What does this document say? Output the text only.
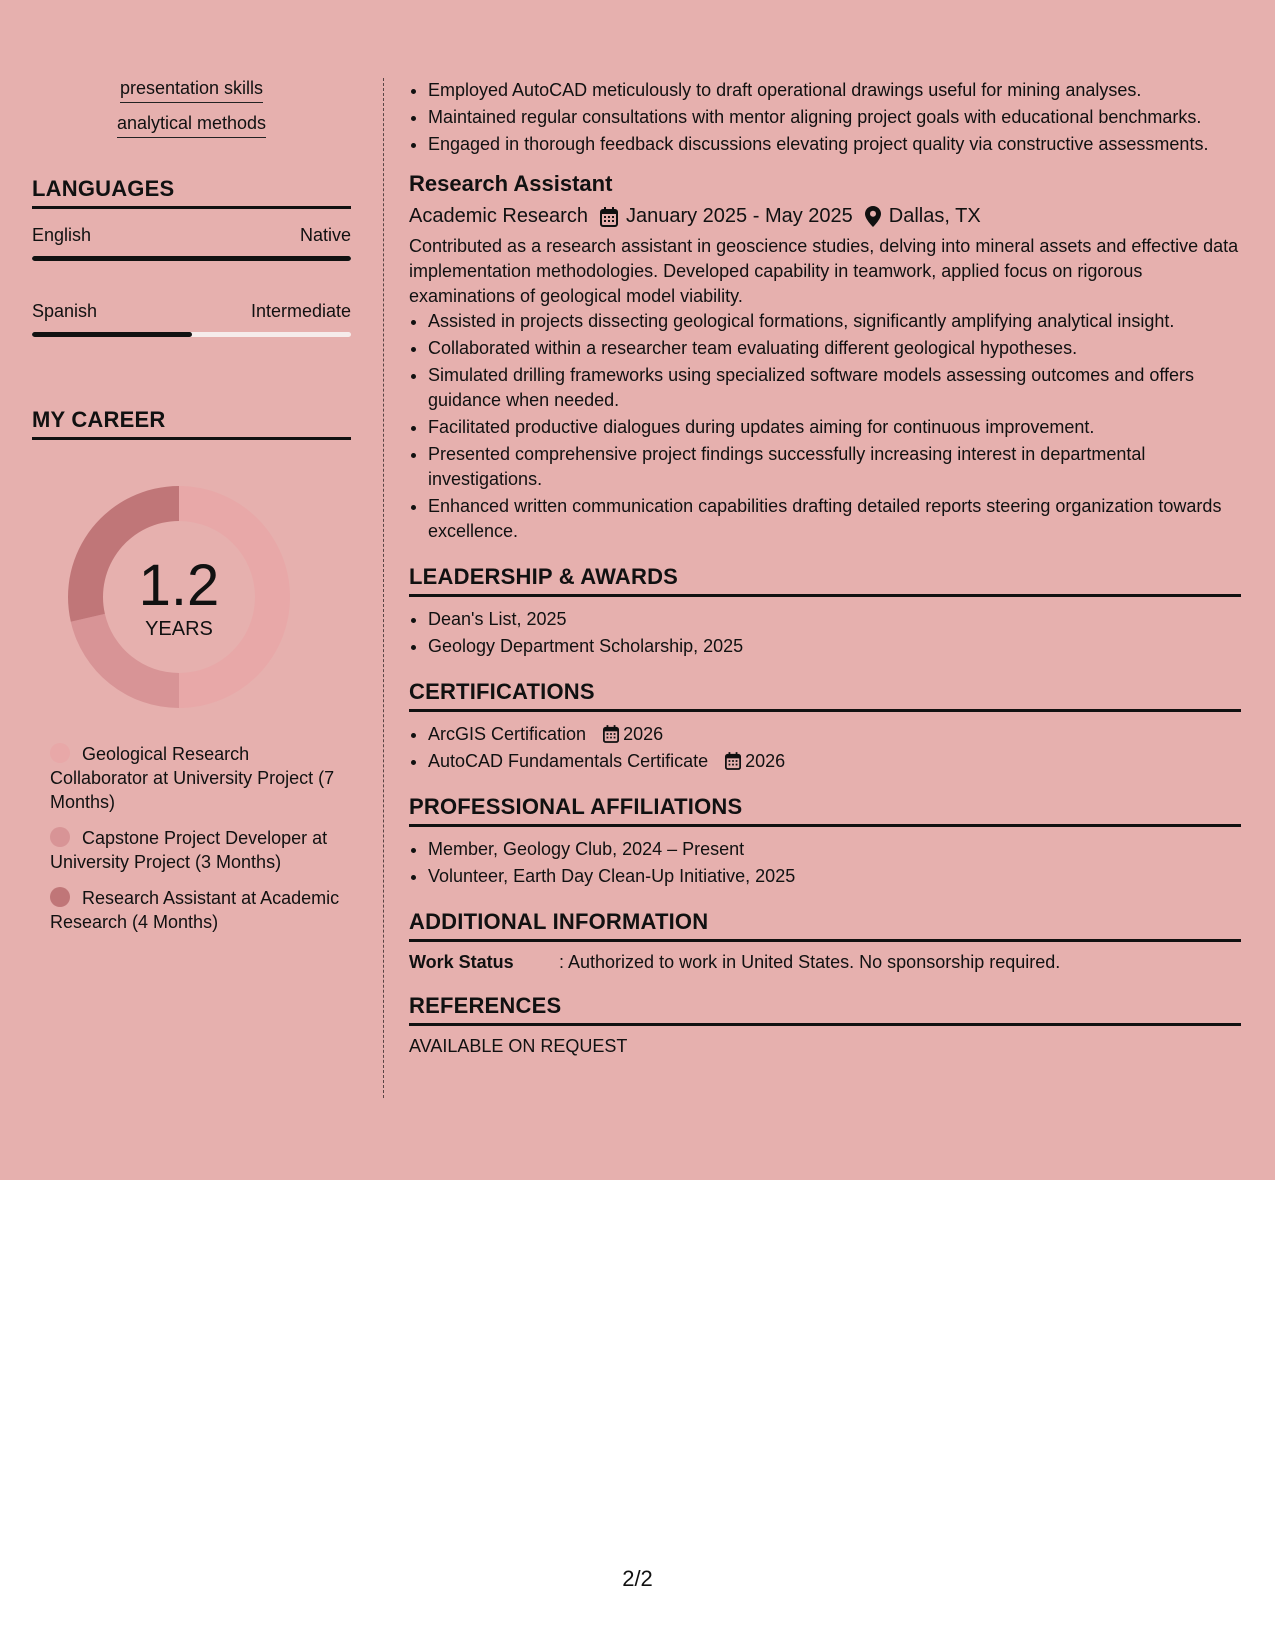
presentation skills
analytical methods
LANGUAGES
English	Native
Spanish	Intermediate
MY CAREER
1.2
YEARS
Geological Research Collaborator at University Project (7 Months)
Capstone Project Developer at University Project (3 Months)
Research Assistant at Academic Research (4 Months)
• Employed AutoCAD meticulously to draft operational drawings useful for mining analyses.
• Maintained regular consultations with mentor aligning project goals with educational benchmarks.
• Engaged in thorough feedback discussions elevating project quality via constructive assessments.
Research Assistant
Academic Research January 2025 - May 2025 Dallas, TX
Contributed as a research assistant in geoscience studies, delving into mineral assets and effective data implementation methodologies. Developed capability in teamwork, applied focus on rigorous examinations of geological model viability.
• Assisted in projects dissecting geological formations, significantly amplifying analytical insight.
• Collaborated within a researcher team evaluating different geological hypotheses.
• Simulated drilling frameworks using specialized software models assessing outcomes and offers guidance when needed.
• Facilitated productive dialogues during updates aiming for continuous improvement.
• Presented comprehensive project findings successfully increasing interest in departmental investigations.
• Enhanced written communication capabilities drafting detailed reports steering organization towards excellence.
LEADERSHIP & AWARDS
• Dean's List, 2025
• Geology Department Scholarship, 2025
CERTIFICATIONS
• ArcGIS Certification 2026
• AutoCAD Fundamentals Certificate 2026
PROFESSIONAL AFFILIATIONS
• Member, Geology Club, 2024 – Present
• Volunteer, Earth Day Clean-Up Initiative, 2025
ADDITIONAL INFORMATION
Work Status	: Authorized to work in United States. No sponsorship required.
REFERENCES
AVAILABLE ON REQUEST
2/2
